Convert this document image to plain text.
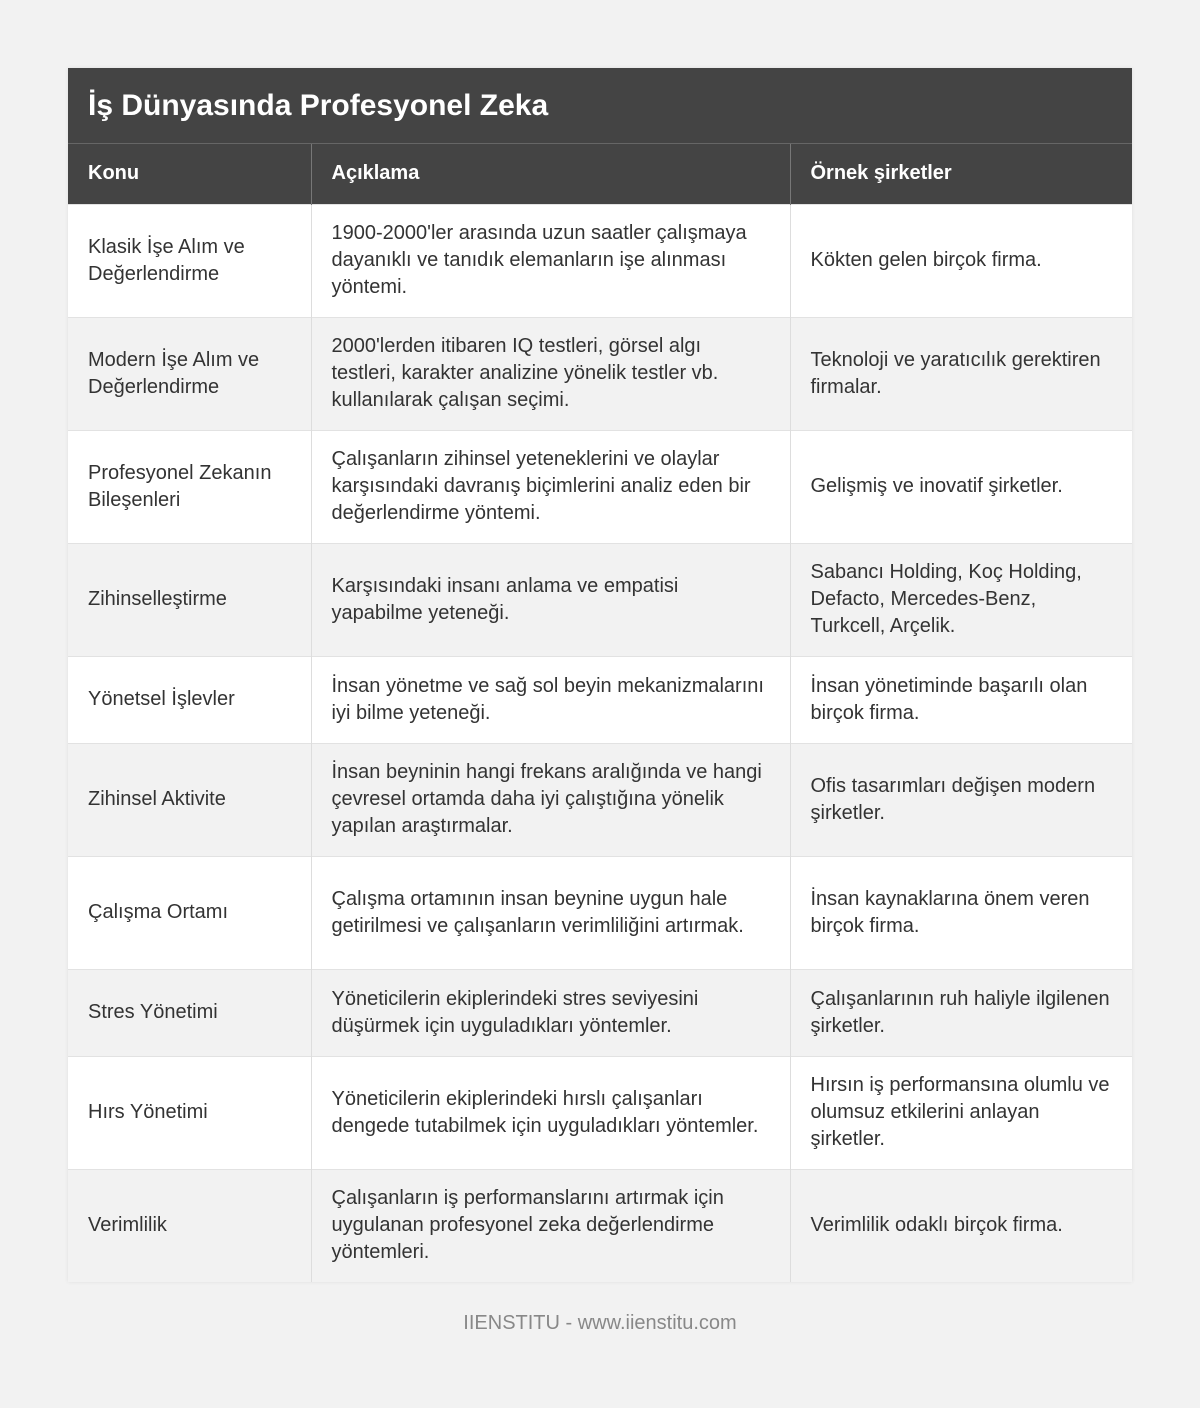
İş Dünyasında Profesyonel Zeka
Konu	Açıklama	Örnek şirketler
Klasik İşe Alım ve Değerlendirme	1900-2000'ler arasında uzun saatler çalışmaya dayanıklı ve tanıdık elemanların işe alınması yöntemi.	Kökten gelen birçok firma.
Modern İşe Alım ve Değerlendirme	2000'lerden itibaren IQ testleri, görsel algı testleri, karakter analizine yönelik testler vb. kullanılarak çalışan seçimi.	Teknoloji ve yaratıcılık gerektiren firmalar.
Profesyonel Zekanın Bileşenleri	Çalışanların zihinsel yeteneklerini ve olaylar karşısındaki davranış biçimlerini analiz eden bir değerlendirme yöntemi.	Gelişmiş ve inovatif şirketler.
Zihinselleştirme	Karşısındaki insanı anlama ve empatisi yapabilme yeteneği.	Sabancı Holding, Koç Holding, Defacto, Mercedes-Benz, Turkcell, Arçelik.
Yönetsel İşlevler	İnsan yönetme ve sağ sol beyin mekanizmalarını iyi bilme yeteneği.	İnsan yönetiminde başarılı olan birçok firma.
Zihinsel Aktivite	İnsan beyninin hangi frekans aralığında ve hangi çevresel ortamda daha iyi çalıştığına yönelik yapılan araştırmalar.	Ofis tasarımları değişen modern şirketler.
Çalışma Ortamı	Çalışma ortamının insan beynine uygun hale getirilmesi ve çalışanların verimliliğini artırmak.	İnsan kaynaklarına önem veren birçok firma.
Stres Yönetimi	Yöneticilerin ekiplerindeki stres seviyesini düşürmek için uyguladıkları yöntemler.	Çalışanlarının ruh haliyle ilgilenen şirketler.
Hırs Yönetimi	Yöneticilerin ekiplerindeki hırslı çalışanları dengede tutabilmek için uyguladıkları yöntemler.	Hırsın iş performansına olumlu ve olumsuz etkilerini anlayan şirketler.
Verimlilik	Çalışanların iş performanslarını artırmak için uygulanan profesyonel zeka değerlendirme yöntemleri.	Verimlilik odaklı birçok firma.
IIENSTITU - www.iienstitu.com
